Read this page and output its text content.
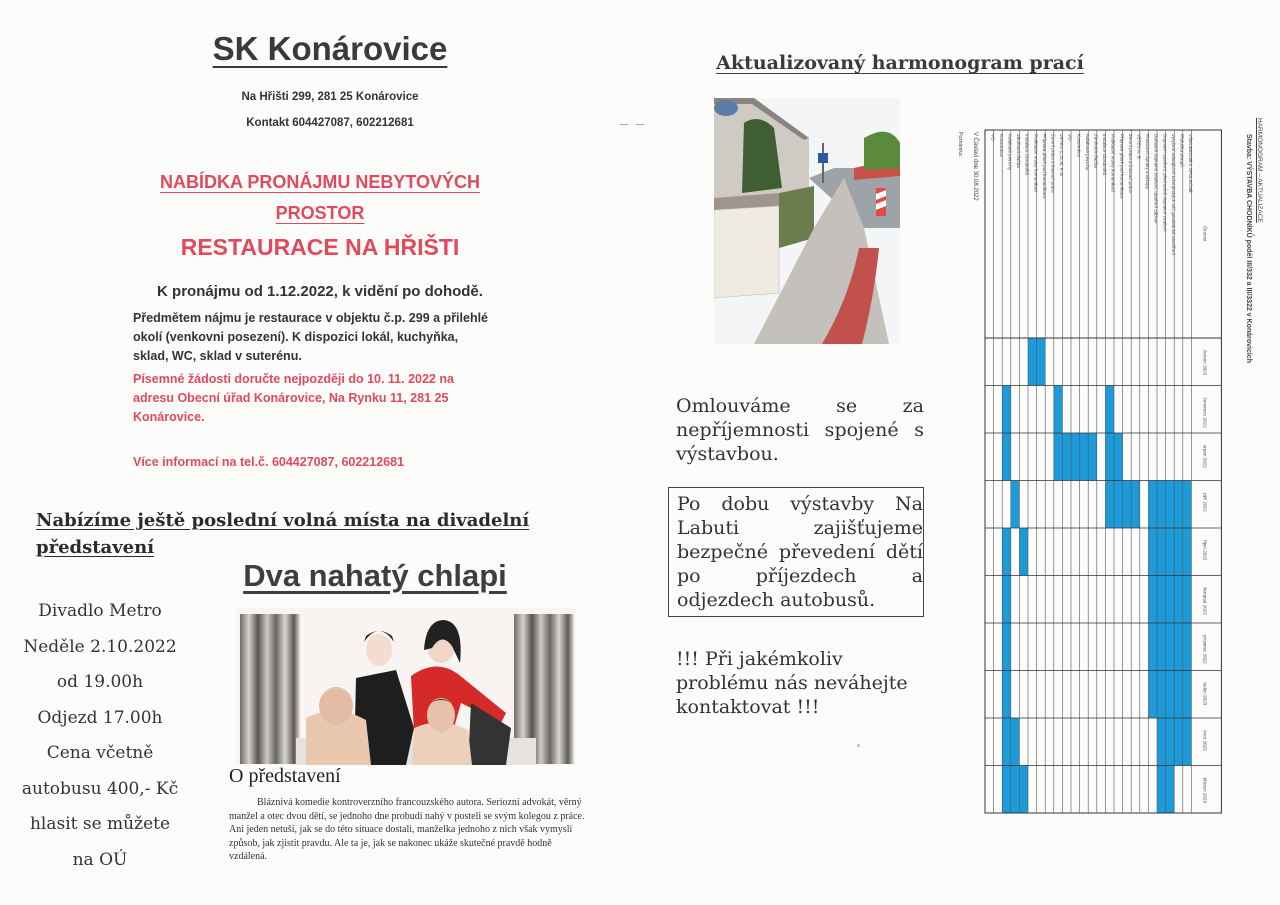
SK Konárovice
Na Hřišti 299, 281 25 Konárovice
Kontakt 604427087, 602212681
NABÍDKA PRONÁJMU NEBYTOVÝCH PROSTOR
RESTAURACE NA HŘIŠTI
K pronájmu od 1.12.2022, k vidění po dohodě.
Předmětem nájmu je restaurace v objektu č.p. 299 a přilehlé okolí (venkovni posezení). K dispozici lokál, kuchyňka, sklad, WC, sklad v suterénu.
Písemné žádosti doručte nejpozději do 10. 11. 2022 na adresu Obecní úřad Konárovice, Na Rynku 11, 281 25 Konárovice.
Více informací na tel.č. 604427087, 602212681
Nabízíme ještě poslední volná místa na divadelní představení
Dva nahatý chlapi
Divadlo Metro
Neděle 2.10.2022
od 19.00h
Odjezd 17.00h
Cena včetně
autobusu 400,- Kč
hlasit se můžete
na OÚ
O představení
Bláznivá komedie kontroverzního francouzského autora. Seriozní advokát, věrný manžel a otec dvou dětí, se jednoho dne probudí nahý v posteli se svým kolegou z práce. Ani jeden netuší, jak se do této situace dostali, manželka jednoho z nich však vymyslí způsob, jak zjistit pravdu. Ale ta je, jak se nakonec ukáže skutečné pravdě hodně vzdálená.
Aktualizovaný harmonogram prací
Omlouváme se za nepříjemnosti spojené s výstavbou.
Po dobu výstavby Na Labuti zajišťujeme bezpečné převedení dětí po příjezdech a odjezdech autobusů.
!!! Při jakémkoliv problému nás neváhejte kontaktovat !!!
HARMONOGRAM – AKTUALIZACE
Stavba: VÝSTAVBA CHODNÍKŮ podél III/332 a III/3322 v Konárovicích
V Čáslavi dne 30.08.2022
Poznámka:	VŠEOBECNÉ A SPOLEČNÉ
Přeložka sloupů
Vytyčení stávajících inženýrských sítí, geodetické zaměření
Dopravní opatření, přechodné dopravní značení
Dočasné dopravní značení, opatření zábran
Provizorní úpravy a výkopy
VĚTEV A, B
Zemní práce a bourací práce
Příprava pláně pod komunikace
Podkladní vrstvy komunikací
Instalace Obrubníků
Zámková dlažba
Asfaltové povrchy
Konstrukce
VO
VĚTEV C, D, E, F, G
Zemní práce a bourací práce
Příprava pláně pod komunikace
Podkladní vrstvy komunikací
Instalace Obrubníků
Zámková dlažba
Asfaltové povrchy
Konstrukce
VO
Činnost
červen 2022
červenec 2022
srpen 2022
září 2022
říjen 2022
listopad 2022
prosinec 2022
leden 2023
únor 2023
březen 2023
